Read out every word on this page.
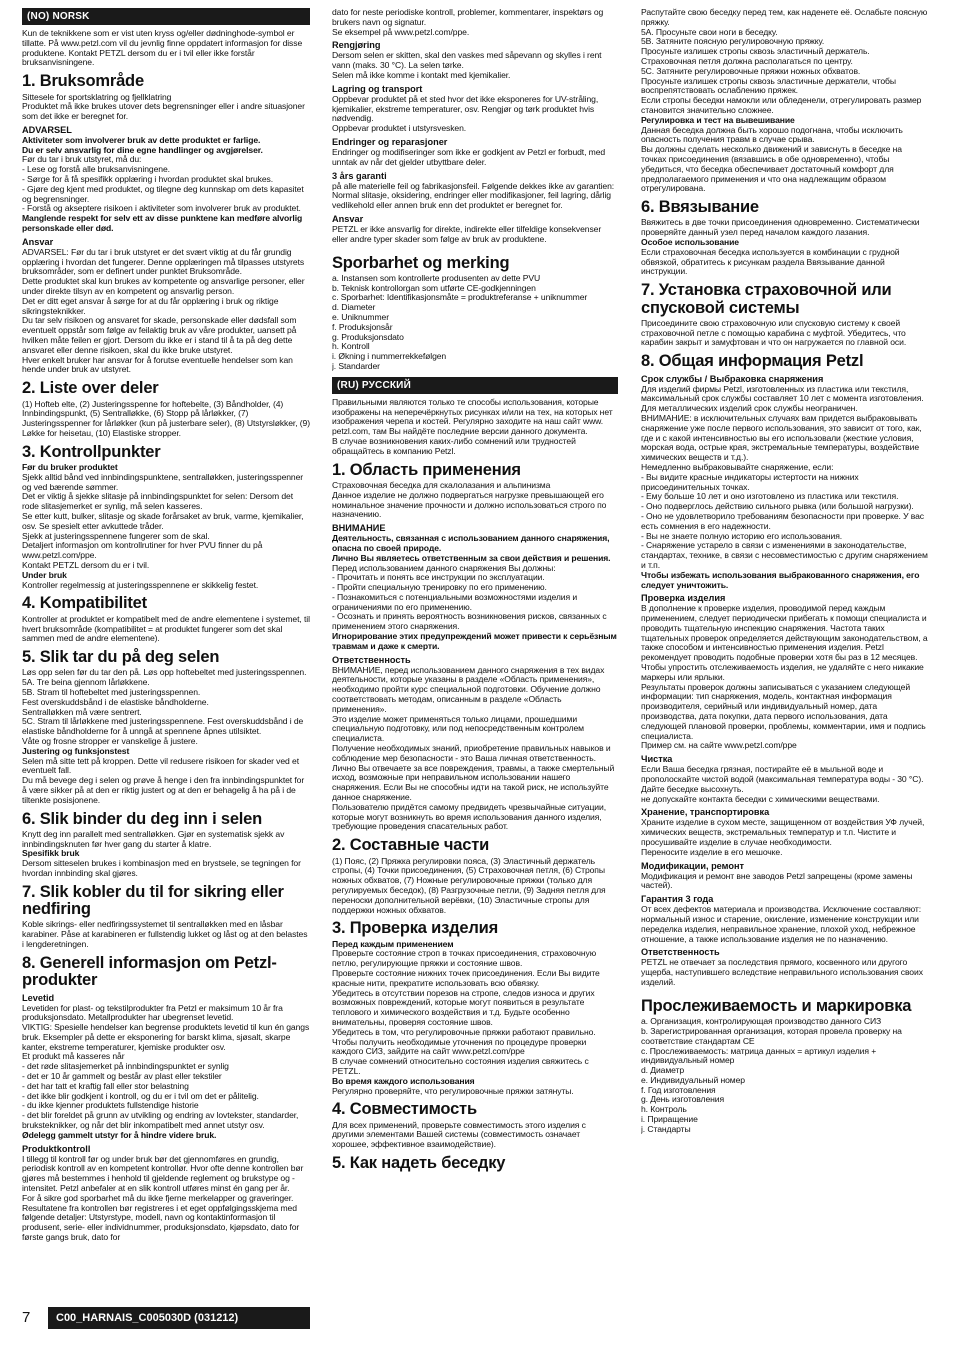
(NO) NORSK

Kun de teknikkene som er vist uten kryss og/eller dødninghode-symbol er tillatte. På www.petzl.com vil du jevnlig finne oppdatert informasjon for disse produktene. Kontakt PETZL dersom du er i tvil eller ikke forstår bruksanvisningene.

1. Bruksområde

Sittesele for sportsklatring og fjellklatring
Produktet må ikke brukes utover dets begrensninger eller i andre situasjoner som det ikke er beregnet for.

ADVARSEL

Aktiviteter som involverer bruk av dette produktet er farlige.
Du er selv ansvarlig for dine egne handlinger og avgjørelser.

Før du tar i bruk utstyret, må du:
- Lese og forstå alle bruksanvisningene.
- Sørge for å få spesifikk opplæring i hvordan produktet skal brukes.
- Gjøre deg kjent med produktet, og tilegne deg kunnskap om dets kapasitet og begrensninger.
- Forstå og akseptere risikoen i aktiviteter som involverer bruk av produktet.

Manglende respekt for selv ett av disse punktene kan medføre alvorlig personskade eller død.

Ansvar

ADVARSEL: Før du tar i bruk utstyret er det svært viktig at du får grundig opplæring i hvordan det fungerer. Denne opplæringen må tilpasses utstyrets bruksområder, som er definert under punktet Bruksområde.
Dette produktet skal kun brukes av kompetente og ansvarlige personer, eller under direkte tilsyn av en kompetent og ansvarlig person.
Det er ditt eget ansvar å sørge for at du får opplæring i bruk og riktige sikringsteknikker.
Du tar selv risikoen og ansvaret for skade, personskade eller dødsfall som eventuelt oppstår som følge av feilaktig bruk av våre produkter, uansett på hvilken måte feilen er gjort. Dersom du ikke er i stand til å ta på deg dette ansvaret eller denne risikoen, skal du ikke bruke utstyret.
Hver enkelt bruker har ansvar for å forutse eventuelle hendelser som kan hende under bruk av utstyret.

2. Liste over deler

(1) Hofteb elte, (2) Justeringsspenne for hoftebelte, (3) Båndholder, (4) Innbindingspunkt, (5) Sentralløkke, (6) Stopp på lårløkker, (7) Justeringsspenner for lårløkker (kun på justerbare seler), (8) Utstyrsløkker, (9) Løkke for heisetau, (10) Elastiske stropper.

3. Kontrollpunkter

Før du bruker produktet

Sjekk alltid bånd ved innbindingspunktene, sentralløkken, justeringsspenner og ved bærende sømmer.
Det er viktig å sjekke slitasje på innbindingspunktet for selen: Dersom det rode slitasjemerket er synlig, må selen kasseres.
Se etter kutt, bulker, slitasje og skade forårsaket av bruk, varme, kjemikalier, osv. Se spesielt etter avkuttede tråder.
Sjekk at justeringsspennene fungerer som de skal.
Detaljert informasjon om kontrollrutiner for hver PVU finner du på www.petzl.com/ppe.
Kontakt PETZL dersom du er i tvil.

Under bruk

Kontroller regelmessig at justeringsspennene er skikkelig festet.

4. Kompatibilitet

Kontroller at produktet er kompatibelt med de andre elementene i systemet, til hvert bruksområde (kompatibilitet = at produktet fungerer som det skal sammen med de andre elementene).

5. Slik tar du på deg selen

Løs opp selen før du tar den på. Løs opp hoftebeltet med justeringsspennen.
5A. Tre beina gjennom lårløkkene.
5B. Stram til hoftebeltet med justeringsspennen.
Fest overskuddsbånd i de elastiske båndholderne.
Sentralløkken må være sentrert.
5C. Stram til lårløkkene med justeringsspennene. Fest overskuddsbånd i de elastiske båndholderne for å unngå at spennene åpnes utilsiktet.
Våte og frosne stropper er vanskelige å justere.

Justering og funksjonstest

Selen må sitte tett på kroppen. Dette vil redusere risikoen for skader ved et eventuelt fall.
Du må bevege deg i selen og prøve å henge i den fra innbindingspunktet for å være sikker på at den er riktig justert og at den er behagelig å ha på i de tiltenkte posisjonene.

6. Slik binder du deg inn i selen

Knytt deg inn parallelt med sentralløkken. Gjør en systematisk sjekk av innbindingsknuten før hver gang du starter å klatre.

Spesifikk bruk

Dersom sitteselen brukes i kombinasjon med en brystsele, se tegningen for hvordan innbinding skal gjøres.

7. Slik kobler du til for sikring eller nedfiring

Koble sikrings- eller nedfiringssystemet til sentralløkken med en låsbar karabiner. Påse at karabineren er fullstendig lukket og låst og at den belastes i lengderetningen.

8. Generell informasjon om Petzl-produkter
Levetid

Levetiden for plast- og tekstilprodukter fra Petzl er maksimum 10 år fra produksjonsdato. Metallprodukter har ubegrenset levetid.
VIKTIG: Spesielle hendelser kan begrense produktets levetid til kun én gangs bruk. Eksempler på dette er eksponering for barskt klima, sjøsalt, skarpe kanter, ekstreme temperaturer, kjemiske produkter osv.
Et produkt må kasseres når
- det røde slitasjemerket på innbindingspunktet er synlig
- det er 10 år gammelt og består av plast eller tekstiler
- det har tatt et kraftig fall eller stor belastning
- det ikke blir godkjent i kontroll, og du er i tvil om det er pålitelig.
- du ikke kjenner produktets fullstendige historie
- det blir foreldet på grunn av utvikling og endring av lovtekster, standarder, bruksteknikker, og når det blir inkompatibelt med annet utstyr osv.

Ødelegg gammelt utstyr for å hindre videre bruk.

Produktkontroll

I tillegg til kontroll før og under bruk bør det gjennomføres en grundig, periodisk kontroll av en kompetent kontrollør. Hvor ofte denne kontrollen bør gjøres må bestemmes i henhold til gjeldende reglement og brukstype og -intensitet. Petzl anbefaler at en slik kontroll utføres minst én gang per år.
For å sikre god sporbarhet må du ikke fjerne merkelapper og graveringer.
Resultatene fra kontrollen bør registreres i et eget oppfølgingsskjema med følgende detaljer: Utstyrstype, modell, navn og kontaktinformasjon til produsent, serie- eller individnummer, produksjonsdato, kjøpsdato, dato for første gangs bruk, dato for

dato for neste periodiske kontroll, problemer, kommentarer, inspektørs og brukers navn og signatur.
Se eksempel på www.petzl.com/ppe.

Rengjøring

Dersom selen er skitten, skal den vaskes med såpevann og skylles i rent vann (maks. 30 °C). La selen tørke.
Selen må ikke komme i kontakt med kjemikalier.

Lagring og transport

Oppbevar produktet på et sted hvor det ikke eksponeres for UV-stråling, kjemikalier, ekstreme temperaturer, osv. Rengjør og tørk produktet hvis nødvendig.
Oppbevar produktet i utstyrsvesken.

Endringer og reparasjoner

Endringer og modifiseringer som ikke er godkjent av Petzl er forbudt, med unntak av når det gjelder utbyttbare deler.

3 års garanti

på alle materielle feil og fabrikasjonsfeil. Følgende dekkes ikke av garantien: Normal slitasje, oksidering, endringer eller modifikasjoner, feil lagring, dårlig vedlikehold eller annen bruk enn det produktet er beregnet for.

Ansvar

PETZL er ikke ansvarlig for direkte, indirekte eller tilfeldige konsekvenser eller andre typer skader som følge av bruk av produktene.

Sporbarhet og merking

a. Instansen som kontrollerte produsenten av dette PVU
b. Teknisk kontrollorgan som utførte CE-godkjenningen
c. Sporbarhet: Identifikasjonsmåte = produktreferanse + uniknummer
d. Diameter
e. Uniknummer
f. Produksjonsår
g. Produksjonsdato
h. Kontroll
i. Økning i nummerrekkefølgen
j. Standarder

(RU) РУССКИЙ

Правильными являются только те способы использования, которые изображены на неперечёркнутых рисунках и/или на тех, на которых нет изображения черепа и костей. Регулярно заходите на наш сайт www. petzl.com, там Вы найдёте последние версии данного документа.
В случае возникновения каких-либо сомнений или трудностей обращайтесь в компанию Petzl.

1. Область применения

Страховочная беседка для скалолазания и альпинизма
Данное изделие не должно подвергаться нагрузке превышающей его номинальное значение прочности и должно использоваться строго по назначению.

ВНИМАНИЕ

Деятельность, связанная с использованием данного снаряжения, опасна по своей природе.
Лично Вы являетесь ответственным за свои действия и решения.

Перед использованием данного снаряжения Вы должны:
- Прочитать и понять все инструкции по эксплуатации.
- Пройти специальную тренировку по его применению.
- Познакомиться с потенциальными возможностями изделия и ограничениями по его применению.
- Осознать и принять вероятность возникновения рисков, связанных с применением этого снаряжения.

Игнорирование этих предупреждений может привести к серьёзным травмам и даже к смерти.

Ответственность

ВНИМАНИЕ, перед использованием данного снаряжения в тех видах деятельности, которые указаны в разделе «Область применения», необходимо пройти курс специальной подготовки. Обучение должно соответствовать методам, описанным в разделе «Область применения».
Это изделие может применяться только лицами, прошедшими специальную подготовку, или под непосредственным контролем специалиста.
Получение необходимых знаний, приобретение правильных навыков и соблюдение мер безопасности - это Ваша личная ответственность.
Лично Вы отвечаете за все повреждения, травмы, а также смертельный исход, возможные при неправильном использовании нашего снаряжения. Если Вы не способны идти на такой риск, не используйте данное снаряжение.
Пользователю придётся самому предвидеть чрезвычайные ситуации, которые могут возникнуть во время использования данного изделия, требующие проведения спасательных работ.

2. Составные части

(1) Пояс, (2) Пряжка регулировки пояса, (3) Эластичный держатель стропы, (4) Точки присоединения, (5) Страховочная петля, (6) Стропы ножных обхватов, (7) Ножные регулировочные пряжки (только для регулируемых беседок), (8) Разгрузочные петли, (9) Задняя петля для переноски дополнительной верёвки, (10) Эластичные стропы для поддержки ножных обхватов.

3. Проверка изделия

Перед каждым применением

Проверьте состояние строп в точках присоединения, страховочную петлю, регулирующие пряжки и состояние швов.
Проверьте состояние нижних точек присоединения. Если Вы видите красные нити, прекратите использовать всю обвязку.
Убедитесь в отсутствии порезов на стропе, следов износа и других возможных повреждений, которые могут появиться в результате теплового и химического воздействия и т.д. Будьте особенно внимательны, проверяя состояние швов.
Убедитесь в том, что регулировочные пряжки работают правильно.
Чтобы получить необходимые уточнения по процедуре проверки каждого СИЗ, зайдите на сайт www.petzl.com/ppe
В случае сомнений относительно состояния изделия свяжитесь с PETZL.

Во время каждого использования

Регулярно проверяйте, что регулировочные пряжки затянуты.

4. Совместимость

Для всех применений, проверьте совместимость этого изделия с другими элементами Вашей системы (совместимость означает хорошее, эффективное взаимодействие).

5. Как надеть беседку

Распутайте свою беседку перед тем, как наденете её. Ослабьте поясную пряжку.
5A. Просуньте свои ноги в беседку.
5B. Затяните поясную регулировочную пряжку.
Просуньте излишек стропы сквозь эластичный держатель.
Страховочная петля должна располагаться по центру.
5C. Затяните регулировочные пряжки ножных обхватов.
Просуньте излишек стропы сквозь эластичные держатели, чтобы воспрепятствовать ослаблению пряжек.
Если стропы беседки намокли или обледенели, отрегулировать размер становится значительно сложнее.

Регулировка и тест на вывешивание

Данная беседка должна быть хорошо подогнана, чтобы исключить опасность получения травм в случае срыва.
Вы должны сделать несколько движений и зависнуть в беседке на точках присоединения (вязавшись в обе одновременно), чтобы убедиться, что беседка обеспечивает достаточный комфорт для предполагаемого применения и что она надлежащим образом отрегулирована.

6. Ввязывание

Ввяжитесь в две точки присоединения одновременно. Систематически проверяйте данный узел перед началом каждого лазания.

Особое использование

Если страховочная беседка используется в комбинации с грудной обвязкой, обратитесь к рисункам раздела Ввязывание данной инструкции.

7. Установка страховочной или спусковой системы

Присоедините свою страховочную или спусковую систему к своей страховочной петле с помощью карабина с муфтой. Убедитесь, что карабин закрыт и замуфтован и что он нагружается по главной оси.

8. Общая информация Petzl
Срок службы / Выбраковка снаряжения

Для изделий фирмы Petzl, изготовленных из пластика или текстиля, максимальный срок службы составляет 10 лет с момента изготовления. Для металлических изделий срок службы неограничен.
ВНИМАНИЕ: в исключительных случаях вам придется выбраковывать снаряжение уже после первого использования, это зависит от того, как, где и с какой интенсивностью вы его использовали (жесткие условия, морская вода, острые края, экстремальные температуры, воздействие химических веществ и т.д.).
Немедленно выбраковывайте снаряжение, если:
- Вы видите красные индикаторы истертости на нижних присоединительных точках.
- Ему больше 10 лет и оно изготовлено из пластика или текстиля.
- Оно подверглось действию сильного рывка (или большой нагрузки).
- Оно не удовлетворило требованиям безопасности при проверке. У вас есть сомнения в его надежности.
- Вы не знаете полную историю его использования.
- Снаряжение устарело в связи с изменениями в законодательстве, стандартах, технике, в связи с несовместимостью с другим снаряжением и т.п.

Чтобы избежать использования выбракованного снаряжения, его следует уничтожить.

Проверка изделия

В дополнение к проверке изделия, проводимой перед каждым применением, следует периодически прибегать к помощи специалиста и проводить тщательную инспекцию снаряжения. Частота таких тщательных проверок определяется действующим законодательством, а также способом и интенсивностью применения изделия. Petzl рекомендует проводить подобные проверки хотя бы раз в 12 месяцев.
Чтобы упростить отслеживаемость изделия, не удаляйте с него никакие маркеры или ярлыки.
Результаты проверок должны записываться с указанием следующей информации: тип снаряжения, модель, контактная информация производителя, серийный или индивидуальный номер, дата производства, дата покупки, дата первого использования, дата следующей плановой проверки, проблемы, комментарии, имя и подпись специалиста.
Пример см. на сайте www.petzl.com/ppe

Чистка

Если Ваша беседка грязная, постирайте её в мыльной воде и прополоскайте чистой водой (максимальная температура воды - 30 °C). Дайте беседке высохнуть.
не допускайте контакта беседки с химическими веществами.

Хранение, транспортировка

Храните изделие в сухом месте, защищенном от воздействия УФ лучей, химических веществ, экстремальных температур и т.п. Чистите и просушивайте изделие в случае необходимости.
Переносите изделие в его мешочке.

Модификации, ремонт

Модификация и ремонт вне заводов Petzl запрещены (кроме замены частей).

Гарантия 3 года

От всех дефектов материала и производства. Исключение составляют: нормальный износ и старение, окисление, изменение конструкции или переделка изделия, неправильное хранение, плохой уход, небрежное отношение, а также использование изделия не по назначению.

Ответственность

PETZL не отвечает за последствия прямого, косвенного или другого ущерба, наступившего вследствие неправильного использования своих изделий.

Прослеживаемость и маркировка

a. Организация, контролирующая производство данного СИЗ
b. Зарегистрированная организация, которая провела проверку на соответствие стандартам СЕ
c. Прослеживаемость: матрица данных = артикул изделия + индивидуальный номер
d. Диаметр
e. Индивидуальный номер
f. Год изготовления
g. День изготовления
h. Контроль
i. Приращение
j. Стандарты

7	C00_HARNAIS_C005030D (031212)
